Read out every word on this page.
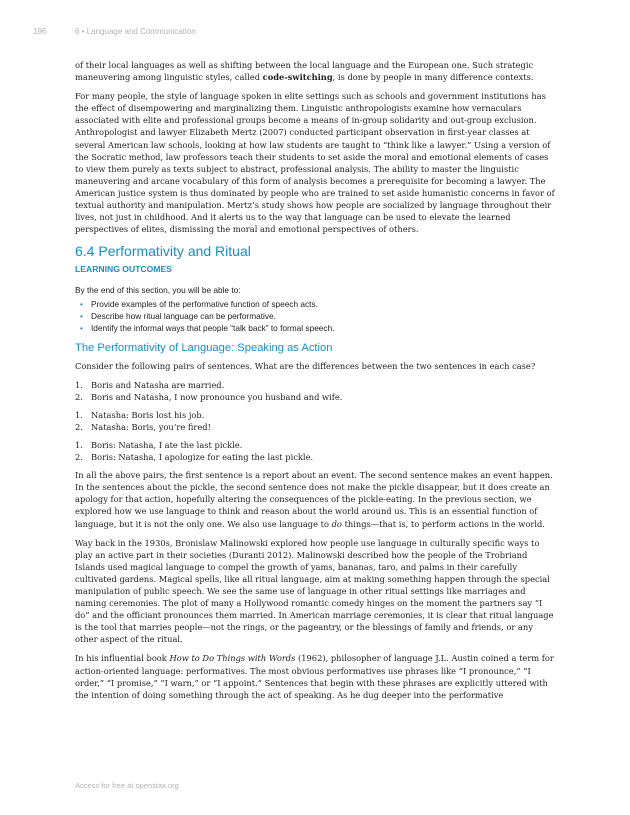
196	6 • Language and Communication

of their local languages as well as shifting between the local language and the European one. Such strategic maneuvering among linguistic styles, called code-switching, is done by people in many difference contexts.

For many people, the style of language spoken in elite settings such as schools and government institutions has the effect of disempowering and marginalizing them. Linguistic anthropologists examine how vernaculars associated with elite and professional groups become a means of in-group solidarity and out-group exclusion. Anthropologist and lawyer Elizabeth Mertz (2007) conducted participant observation in first-year classes at several American law schools, looking at how law students are taught to “think like a lawyer.” Using a version of the Socratic method, law professors teach their students to set aside the moral and emotional elements of cases to view them purely as texts subject to abstract, professional analysis. The ability to master the linguistic maneuvering and arcane vocabulary of this form of analysis becomes a prerequisite for becoming a lawyer. The American justice system is thus dominated by people who are trained to set aside humanistic concerns in favor of textual authority and manipulation. Mertz’s study shows how people are socialized by language throughout their lives, not just in childhood. And it alerts us to the way that language can be used to elevate the learned perspectives of elites, dismissing the moral and emotional perspectives of others.

6.4 Performativity and Ritual
LEARNING OUTCOMES
By the end of this section, you will be able to:
• Provide examples of the performative function of speech acts.
• Describe how ritual language can be performative.
• Identify the informal ways that people “talk back” to formal speech.
The Performativity of Language: Speaking as Action

Consider the following pairs of sentences. What are the differences between the two sentences in each case?

1. Boris and Natasha are married.
2. Boris and Natasha, I now pronounce you husband and wife.
1. Natasha: Boris lost his job.
2. Natasha: Boris, you’re fired!
1. Boris: Natasha, I ate the last pickle.
2. Boris: Natasha, I apologize for eating the last pickle.

In all the above pairs, the first sentence is a report about an event. The second sentence makes an event happen. In the sentences about the pickle, the second sentence does not make the pickle disappear, but it does create an apology for that action, hopefully altering the consequences of the pickle-eating. In the previous section, we explored how we use language to think and reason about the world around us. This is an essential function of language, but it is not the only one. We also use language to do things—that is, to perform actions in the world.

Way back in the 1930s, Bronislaw Malinowski explored how people use language in culturally specific ways to play an active part in their societies (Duranti 2012). Malinowski described how the people of the Trobriand Islands used magical language to compel the growth of yams, bananas, taro, and palms in their carefully cultivated gardens. Magical spells, like all ritual language, aim at making something happen through the special manipulation of public speech. We see the same use of language in other ritual settings like marriages and naming ceremonies. The plot of many a Hollywood romantic comedy hinges on the moment the partners say “I do” and the officiant pronounces them married. In American marriage ceremonies, it is clear that ritual language is the tool that marries people—not the rings, or the pageantry, or the blessings of family and friends, or any other aspect of the ritual.

In his influential book How to Do Things with Words (1962), philosopher of language J.L. Austin coined a term for action-oriented language: performatives. The most obvious performatives use phrases like “I pronounce,” “I order,” “I promise,” “I warn,” or “I appoint.” Sentences that begin with these phrases are explicitly uttered with the intention of doing something through the act of speaking. As he dug deeper into the performative

Access for free at openstax.org
